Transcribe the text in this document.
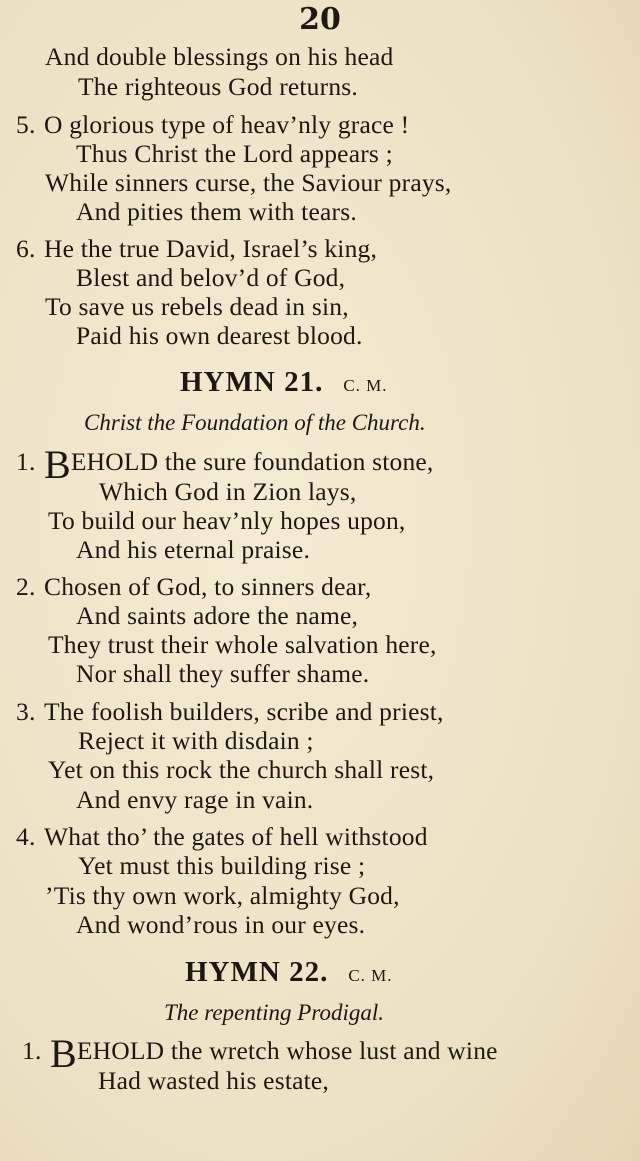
20
And double blessings on his head
The righteous God returns.
5. O glorious type of heav’nly grace !
Thus Christ the Lord appears ;
While sinners curse, the Saviour prays,
And pities them with tears.
6. He the true David, Israel’s king,
Blest and belov’d of God,
To save us rebels dead in sin,
Paid his own dearest blood.
HYMN 21. C. M.
Christ the Foundation of the Church.
1. BEHOLD the sure foundation stone,
Which God in Zion lays,
To build our heav’nly hopes upon,
And his eternal praise.
2. Chosen of God, to sinners dear,
And saints adore the name,
They trust their whole salvation here,
Nor shall they suffer shame.
3. The foolish builders, scribe and priest,
Reject it with disdain ;
Yet on this rock the church shall rest,
And envy rage in vain.
4. What tho’ the gates of hell withstood
Yet must this building rise ;
’Tis thy own work, almighty God,
And wond’rous in our eyes.
HYMN 22. C. M.
The repenting Prodigal.
1. BEHOLD the wretch whose lust and wine
Had wasted his estate,
